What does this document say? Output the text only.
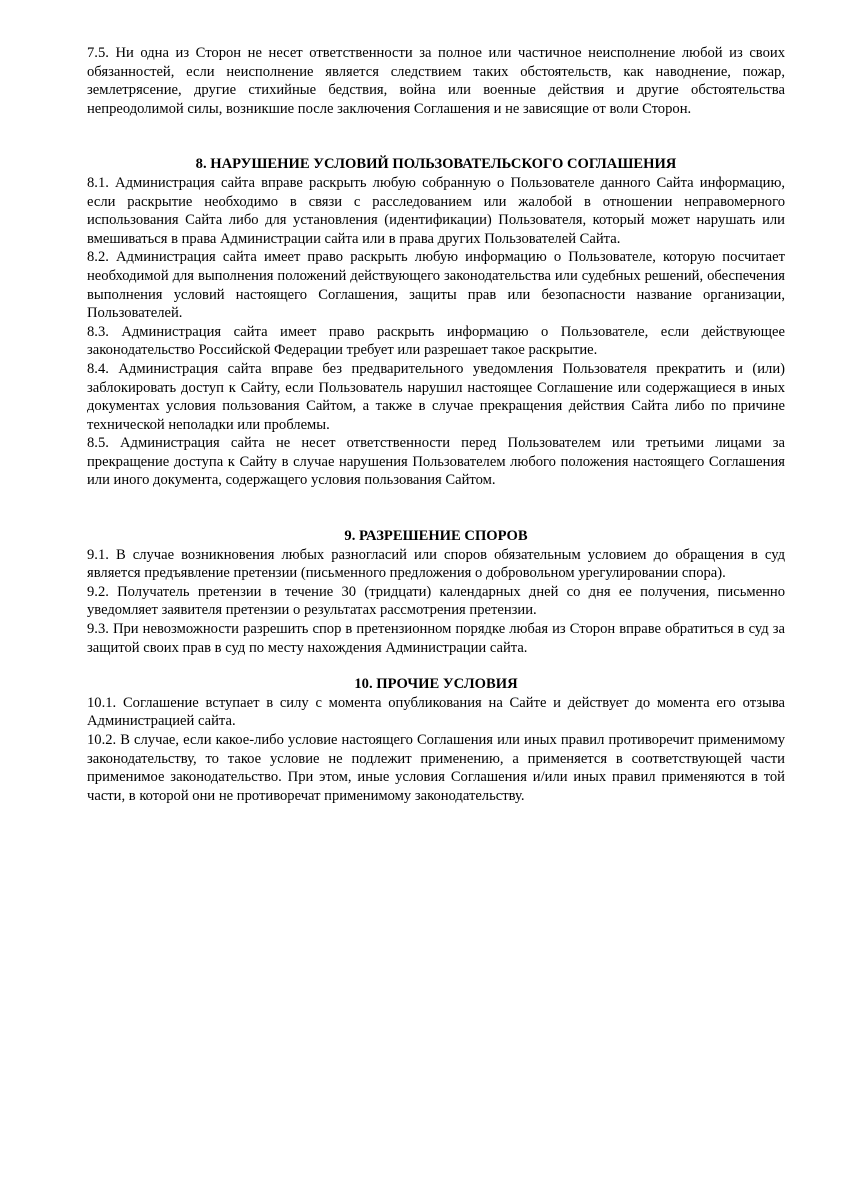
7.5. Ни одна из Сторон не несет ответственности за полное или частичное неисполнение любой из своих обязанностей, если неисполнение является следствием таких обстоятельств, как наводнение, пожар, землетрясение, другие стихийные бедствия, война или военные действия и другие обстоятельства непреодолимой силы, возникшие после заключения Соглашения и не зависящие от воли Сторон.

8. НАРУШЕНИЕ УСЛОВИЙ ПОЛЬЗОВАТЕЛЬСКОГО СОГЛАШЕНИЯ

8.1. Администрация сайта вправе раскрыть любую собранную о Пользователе данного Сайта информацию, если раскрытие необходимо в связи с расследованием или жалобой в отношении неправомерного использования Сайта либо для установления (идентификации) Пользователя, который может нарушать или вмешиваться в права Администрации сайта или в права других Пользователей Сайта.

8.2. Администрация сайта имеет право раскрыть любую информацию о Пользователе, которую посчитает необходимой для выполнения положений действующего законодательства или судебных решений, обеспечения выполнения условий настоящего Соглашения, защиты прав или безопасности название организации, Пользователей.

8.3. Администрация сайта имеет право раскрыть информацию о Пользователе, если действующее законодательство Российской Федерации требует или разрешает такое раскрытие.

8.4. Администрация сайта вправе без предварительного уведомления Пользователя прекратить и (или) заблокировать доступ к Сайту, если Пользователь нарушил настоящее Соглашение или содержащиеся в иных документах условия пользования Сайтом, а также в случае прекращения действия Сайта либо по причине технической неполадки или проблемы.

8.5. Администрация сайта не несет ответственности перед Пользователем или третьими лицами за прекращение доступа к Сайту в случае нарушения Пользователем любого положения настоящего Соглашения или иного документа, содержащего условия пользования Сайтом.

9. РАЗРЕШЕНИЕ СПОРОВ

9.1. В случае возникновения любых разногласий или споров обязательным условием до обращения в суд является предъявление претензии (письменного предложения о добровольном урегулировании спора).

9.2. Получатель претензии в течение 30 (тридцати) календарных дней со дня ее получения, письменно уведомляет заявителя претензии о результатах рассмотрения претензии.

9.3. При невозможности разрешить спор в претензионном порядке любая из Сторон вправе обратиться в суд за защитой своих прав в суд по месту нахождения Администрации сайта.

10. ПРОЧИЕ УСЛОВИЯ

10.1. Соглашение вступает в силу с момента опубликования на Сайте и действует до момента его отзыва Администрацией сайта.

10.2. В случае, если какое-либо условие настоящего Соглашения или иных правил противоречит применимому законодательству, то такое условие не подлежит применению, а применяется в соответствующей части применимое законодательство. При этом, иные условия Соглашения и/или иных правил применяются в той части, в которой они не противоречат применимому законодательству.
